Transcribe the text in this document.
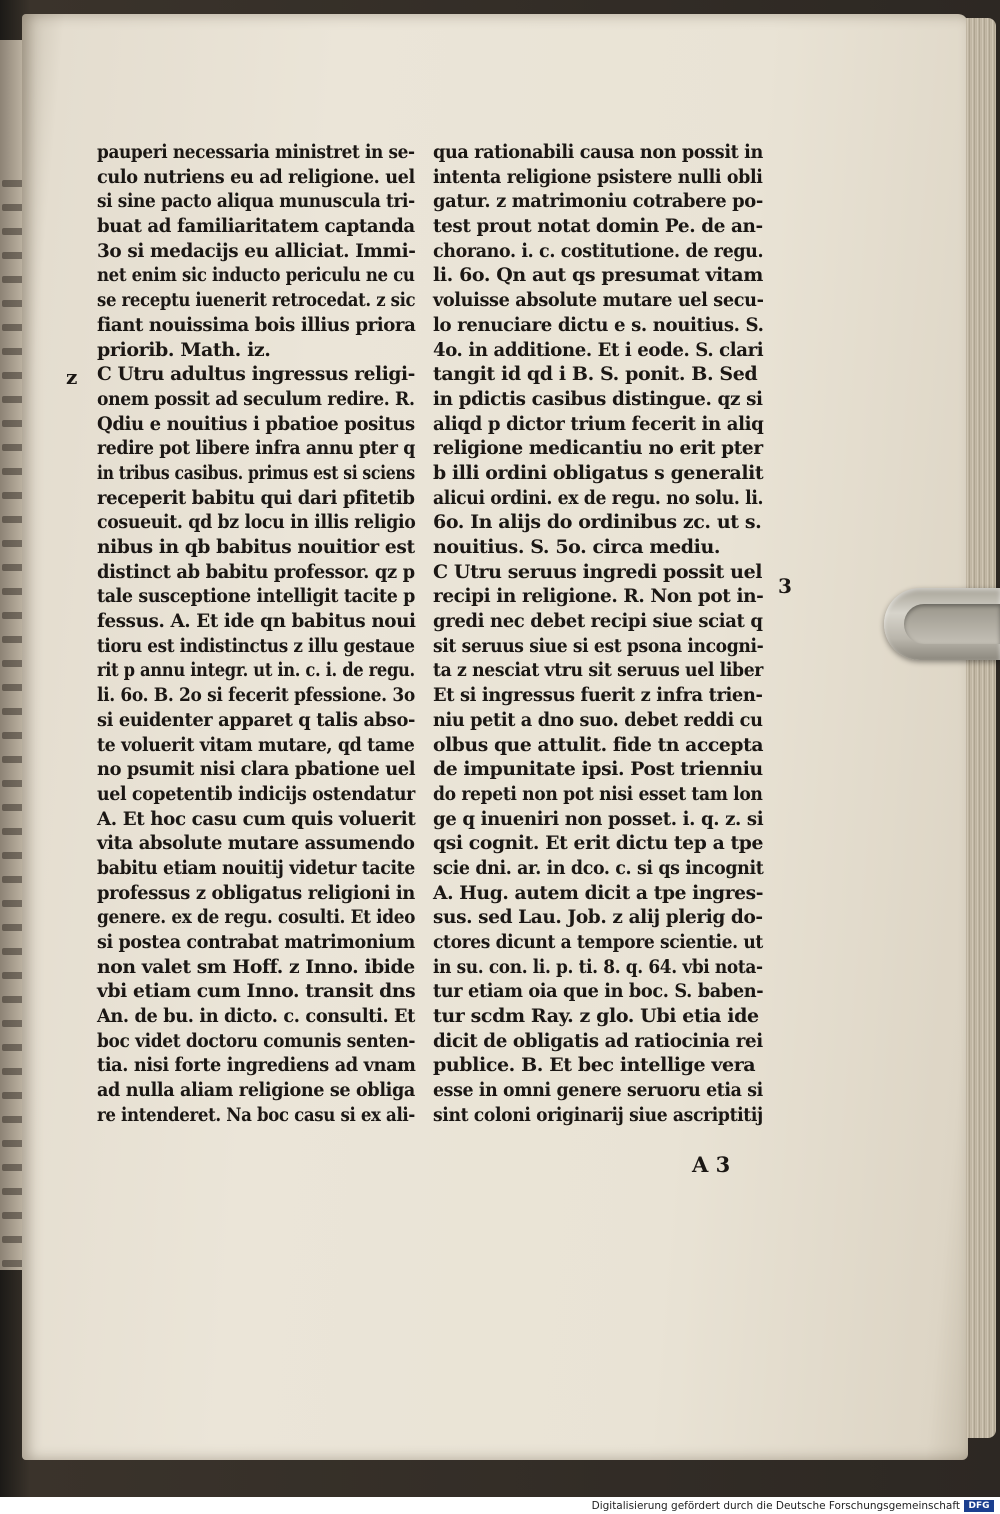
pauperi necessaria ministret in se-
culo nutriens eu ad religione. uel
si sine pacto aliqua munuscula tri-
buat ad familiaritatem captanda
3o si medacijs eu alliciat. Immi-
net enim sic inducto periculu ne cu
se receptu iuenerit retrocedat. z sic
fiant nouissima bois illius priora
priorib. Math. iz.
C Utru adultus ingressus religi-
onem possit ad seculum redire. R.
Qdiu e nouitius i pbatioe positus
redire pot libere infra annu pter q
in tribus casibus. primus est si sciens
receperit babitu qui dari pfitetib
cosueuit. qd bz locu in illis religio
nibus in qb babitus nouitior est
distinct ab babitu professor. qz p
tale susceptione intelligit tacite p
fessus. A. Et ide qn babitus noui
tioru est indistinctus z illu gestaue
rit p annu integr. ut in. c. i. de regu.
li. 6o. B. 2o si fecerit pfessione. 3o
si euidenter apparet q talis abso-
te voluerit vitam mutare, qd tame
no psumit nisi clara pbatione uel
uel copetentib indicijs ostendatur
A. Et hoc casu cum quis voluerit
vita absolute mutare assumendo
babitu etiam nouitij videtur tacite
professus z obligatus religioni in
genere. ex de regu. cosulti. Et ideo
si postea contrabat matrimonium
non valet sm Hoff. z Inno. ibide
vbi etiam cum Inno. transit dns
An. de bu. in dicto. c. consulti. Et
boc videt doctoru comunis senten-
tia. nisi forte ingrediens ad vnam
ad nulla aliam religione se obliga
re intenderet. Na boc casu si ex ali-
qua rationabili causa non possit in
intenta religione psistere nulli obli
gatur. z matrimoniu cotrabere po-
test prout notat domin Pe. de an-
chorano. i. c. costitutione. de regu.
li. 6o. Qn aut qs presumat vitam
voluisse absolute mutare uel secu-
lo renuciare dictu e s. nouitius. S.
4o. in additione. Et i eode. S. clari
tangit id qd i B. S. ponit. B. Sed
in pdictis casibus distingue. qz si
aliqd p dictor trium fecerit in aliq
religione medicantiu no erit pter
b illi ordini obligatus s generalit
alicui ordini. ex de regu. no solu. li.
6o. In alijs do ordinibus zc. ut s.
nouitius. S. 5o. circa mediu.
C Utru seruus ingredi possit uel
recipi in religione. R. Non pot in-
gredi nec debet recipi siue sciat q
sit seruus siue si est psona incogni-
ta z nesciat vtru sit seruus uel liber
Et si ingressus fuerit z infra trien-
niu petit a dno suo. debet reddi cu
olbus que attulit. fide tn accepta
de impunitate ipsi. Post trienniu
do repeti non pot nisi esset tam lon
ge q inueniri non posset. i. q. z. si
qsi cognit. Et erit dictu tep a tpe
scie dni. ar. in dco. c. si qs incognit
A. Hug. autem dicit a tpe ingres-
sus. sed Lau. Job. z alij plerig do-
ctores dicunt a tempore scientie. ut
in su. con. li. p. ti. 8. q. 64. vbi nota-
tur etiam oia que in boc. S. baben-
tur scdm Ray. z glo. Ubi etia ide
dicit de obligatis ad ratiocinia rei
publice. B. Et bec intellige vera
esse in omni genere seruoru etia si
sint coloni originarij siue ascriptitij
z
3
A 3
Digitalisierung gefördert durch die Deutsche Forschungsgemeinschaft DFG
